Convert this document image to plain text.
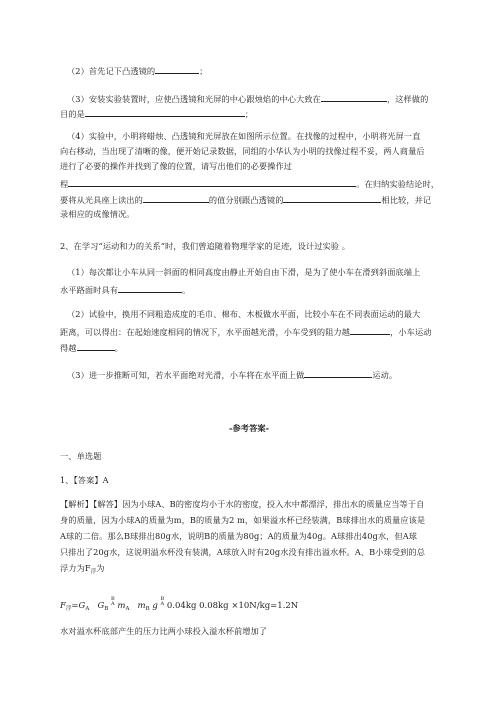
（2）首先记下凸透镜的	；
（3）安装实验装置时，应使凸透镜和光屏的中心跟烛焰的中心大致在	，这样做的
目的是	；
（4）实验中，小明将蜡烛、凸透镜和光屏放在如图所示位置。在找像的过程中，小明将光屏一直
向右移动，当出现了清晰的像，便开始记录数据，同组的小华认为小明的找像过程不妥，两人商量后
进行了必要的操作并找到了像的位置，请写出他们的必要操作过
程	。在归纳实验结论时，
要将从光具座上读出的	的值分别跟凸透镜的	相比较，并记
录相应的成像情况。
2、在学习“运动和力的关系”时，我们曾追随着物理学家的足迹，设计过实验 。
（1）每次都让小车从同一斜面的相同高度由静止开始自由下滑，是为了使小车在滑到斜面底端上
水平路面时具有	。
（2）试验中，换用不同粗造成度的毛巾、棉布、木板做水平面，比较小车在不同表面运动的最大
距离，可以得出：在起始速度相同的情况下，水平面越光滑，小车受到的阻力越	，小车运动
得越	。
（3）进一步推断可知，若水平面绝对光滑，小车将在水平面上做	运动。
-参考答案-
一、单选题
1、【答案】A
【解析】【解答】因为小球A、B的密度均小于水的密度，投入水中都漂浮，排出水的质量应当等于自
身的质量，因为小球A的质量为m，B的质量为2 m，如果溢水杯已经装满，B球排出水的质量应该是
A球的二倍。那么B球排出80g水，说明B的质量为80g；A的质量为40g。A球排出40g水，但A球
只排出了20g水，这说明溢水杯没有装满，A球放入时有20g水没有排出溢水杯。A、B小球受到的总
浮力为$F_浮$为
$F_浮=G_A$ $G_B$ B
A $m_A$ $m_B$ g B
A 0.04kg 0.08kg ×10N/kg=1.2N
水对溢水杯底部产生的压力比两小球投入溢水杯前增加了
